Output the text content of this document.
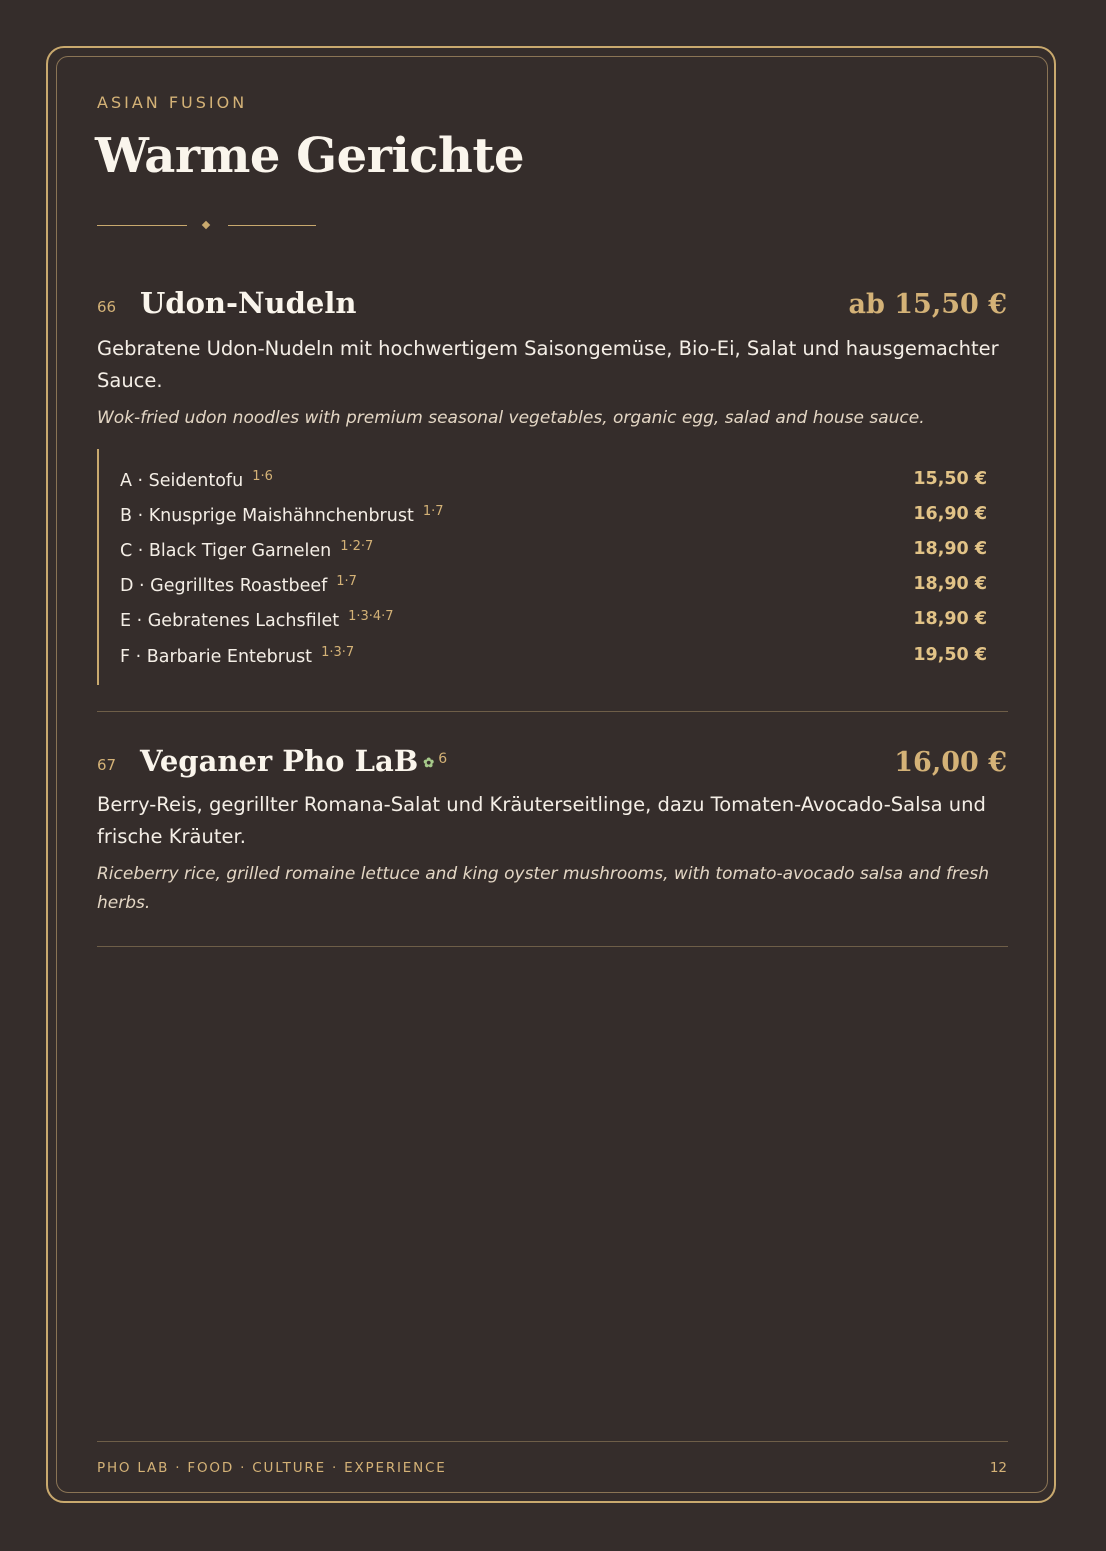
ASIAN FUSION
Warme Gerichte
66 Udon-Nudeln	ab 15,50 €
Gebratene Udon-Nudeln mit hochwertigem Saisongemüse, Bio-Ei, Salat und hausgemachter Sauce.
Wok-fried udon noodles with premium seasonal vegetables, organic egg, salad and house sauce.
A · Seidentofu $^{1\cdot 6}$	15,50 €
B · Knusprige Maishähnchenbrust $^{1\cdot 7}$	16,90 €
C · Black Tiger Garnelen $^{1\cdot 2\cdot 7}$	18,90 €
D · Gegrilltes Roastbeef $^{1\cdot 7}$	18,90 €
E · Gebratenes Lachsfilet $^{1\cdot 3\cdot 4\cdot 7}$	18,90 €
F · Barbarie Entebrust $^{1\cdot 3\cdot 7}$	19,50 €
67 Veganer Pho LaB ✿ $^6$	16,00 €
Berry-Reis, gegrillter Romana-Salat und Kräuterseitlinge, dazu Tomaten-Avocado-Salsa und frische Kräuter.
Riceberry rice, grilled romaine lettuce and king oyster mushrooms, with tomato-avocado salsa and fresh herbs.
PHO LAB · FOOD · CULTURE · EXPERIENCE	12
